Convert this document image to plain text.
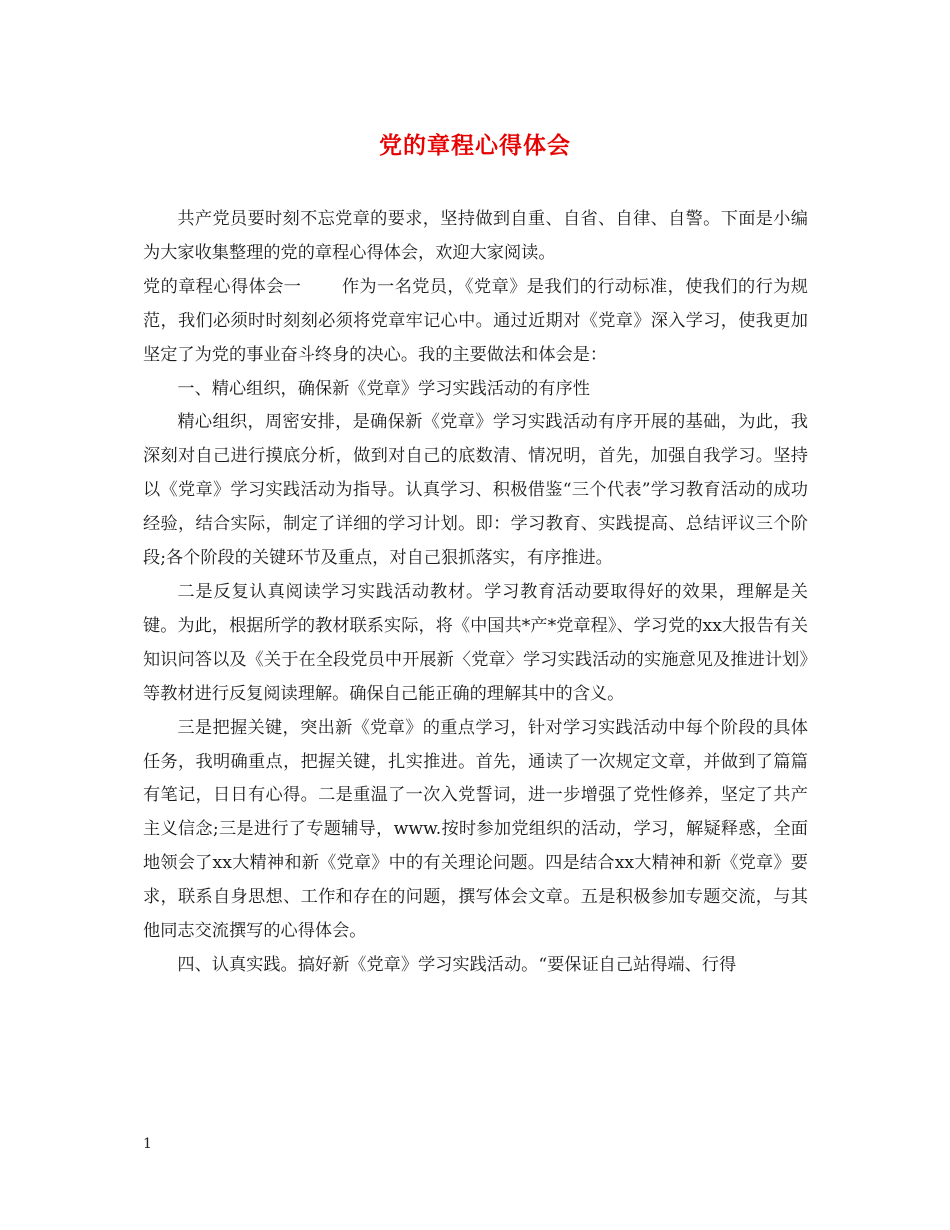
党的章程心得体会

共产党员要时刻不忘党章的要求，坚持做到自重、自省、自律、自警。下面是小编为大家收集整理的党的章程心得体会，欢迎大家阅读。

党的章程心得体会一 作为一名党员，《党章》是我们的行动标准，使我们的行为规范，我们必须时时刻刻必须将党章牢记心中。通过近期对《党章》深入学习，使我更加坚定了为党的事业奋斗终身的决心。我的主要做法和体会是：

一、精心组织，确保新《党章》学习实践活动的有序性

精心组织，周密安排，是确保新《党章》学习实践活动有序开展的基础，为此，我深刻对自己进行摸底分析，做到对自己的底数清、情况明，首先，加强自我学习。坚持以《党章》学习实践活动为指导。认真学习、积极借鉴“三个代表”学习教育活动的成功经验，结合实际，制定了详细的学习计划。即：学习教育、实践提高、总结评议三个阶段;各个阶段的关键环节及重点，对自己狠抓落实，有序推进。

二是反复认真阅读学习实践活动教材。学习教育活动要取得好的效果，理解是关键。为此，根据所学的教材联系实际，将《中国共*产*党章程》、学习党的xx大报告有关知识问答以及《关于在全段党员中开展新〈党章〉学习实践活动的实施意见及推进计划》等教材进行反复阅读理解。确保自己能正确的理解其中的含义。

三是把握关键，突出新《党章》的重点学习，针对学习实践活动中每个阶段的具体任务，我明确重点，把握关键，扎实推进。首先，通读了一次规定文章，并做到了篇篇有笔记，日日有心得。二是重温了一次入党誓词，进一步增强了党性修养，坚定了共产主义信念;三是进行了专题辅导，www.按时参加党组织的活动，学习，解疑释惑，全面地领会了xx大精神和新《党章》中的有关理论问题。四是结合xx大精神和新《党章》要求，联系自身思想、工作和存在的问题，撰写体会文章。五是积极参加专题交流，与其他同志交流撰写的心得体会。

四、认真实践。搞好新《党章》学习实践活动。“要保证自己站得端、行得

1
